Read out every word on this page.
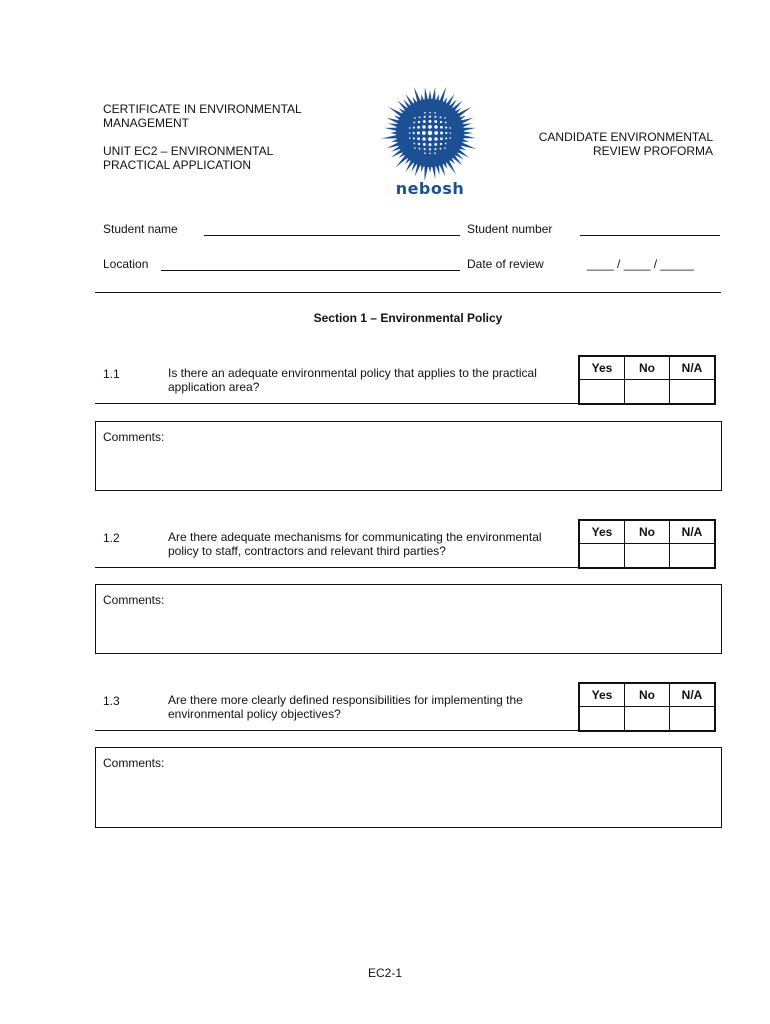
CERTIFICATE IN ENVIRONMENTAL MANAGEMENT

UNIT EC2 – ENVIRONMENTAL PRACTICAL APPLICATION

nebosh
CANDIDATE ENVIRONMENTAL REVIEW PROFORMA
Student name	Student number
Location	Date of review	____ / ____ / _____
Section 1 – Environmental Policy
1.1	Is there an adequate environmental policy that applies to the practical application area?
Yes	No	N/A

Comments:
1.2	Are there adequate mechanisms for communicating the environmental policy to staff, contractors and relevant third parties?
Yes	No	N/A

Comments:
1.3	Are there more clearly defined responsibilities for implementing the environmental policy objectives?
Yes	No	N/A

Comments:
EC2-1
